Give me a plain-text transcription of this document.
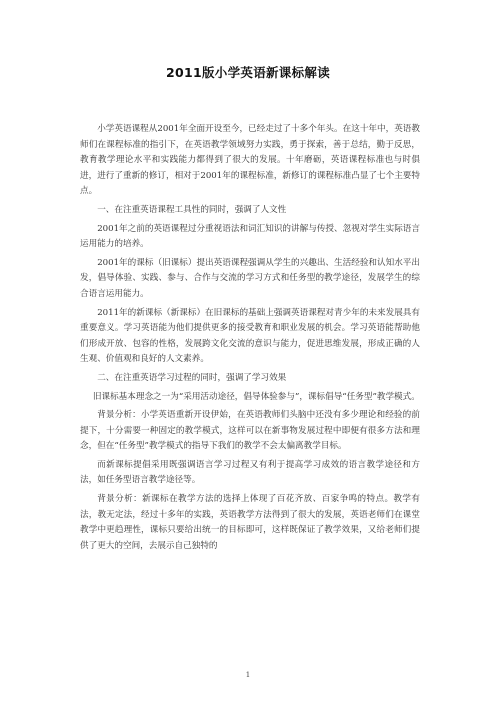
2011版小学英语新课标解读

小学英语课程从2001年全面开设至今，已经走过了十多个年头。在这十年中，英语教师们在课程标准的指引下，在英语教学领域努力实践，勇于探索，善于总结，勤于反思，教育教学理论水平和实践能力都得到了很大的发展。十年磨砺，英语课程标准也与时俱进，进行了重新的修订，相对于2001年的课程标准，新修订的课程标准凸显了七个主要特点。

一、在注重英语课程工具性的同时，强调了人文性

2001年之前的英语课程过分重视语法和词汇知识的讲解与传授、忽视对学生实际语言运用能力的培养。

2001年的课标（旧课标）提出英语课程强调从学生的兴趣出、生活经验和认知水平出发，倡导体验、实践、参与、合作与交流的学习方式和任务型的教学途径，发展学生的综合语言运用能力。

2011年的新课标（新课标）在旧课标的基础上强调英语课程对青少年的未来发展具有重要意义。学习英语能为他们提供更多的接受教育和职业发展的机会。学习英语能帮助他们形成开放、包容的性格，发展跨文化交流的意识与能力，促进思维发展，形成正确的人生观、价值观和良好的人文素养。

二、在注重英语学习过程的同时，强调了学习效果

旧课标基本理念之一为“采用活动途径，倡导体验参与”，课标倡导“任务型”教学模式。

背景分析：小学英语重新开设伊始，在英语教师们头脑中还没有多少理论和经验的前提下，十分需要一种固定的教学模式，这样可以在新事物发展过程中即便有很多方法和理念，但在“任务型”教学模式的指导下我们的教学不会太偏离教学目标。

而新课标提倡采用既强调语言学习过程又有利于提高学习成效的语言教学途径和方法，如任务型语言教学途径等。

背景分析：新课标在教学方法的选择上体现了百花齐放、百家争鸣的特点。教学有法，教无定法，经过十多年的实践，英语教学方法得到了很大的发展，英语老师们在课堂教学中更趋理性，课标只要给出统一的目标即可，这样既保证了教学效果，又给老师们提供了更大的空间，去展示自己独特的

1
